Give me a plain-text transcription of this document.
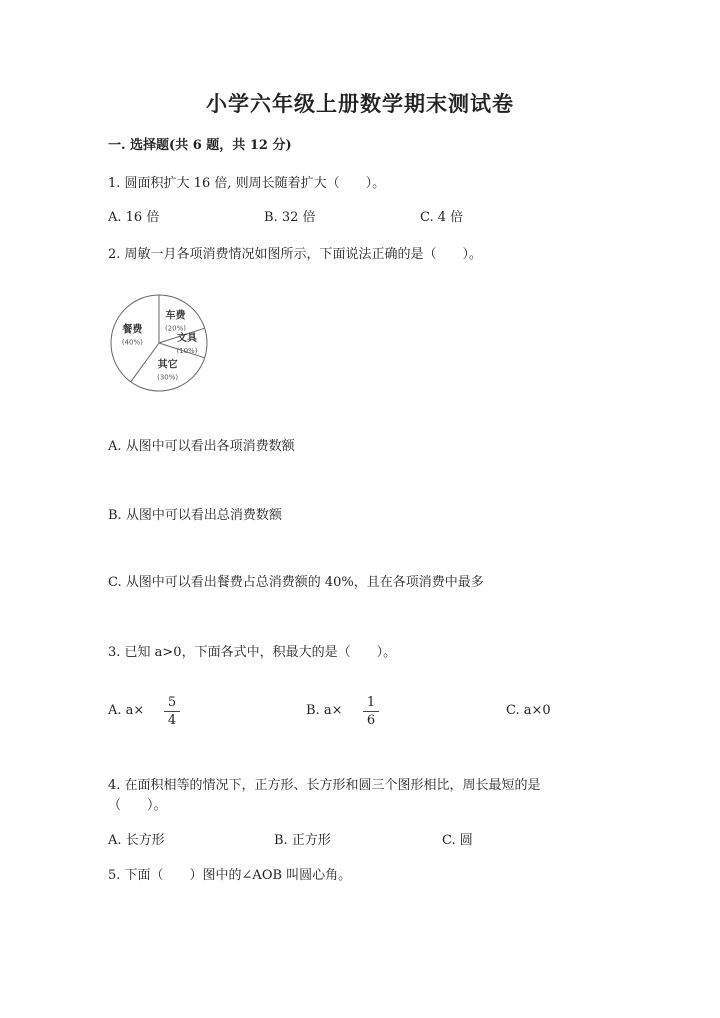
小学六年级上册数学期末测试卷
一. 选择题(共 6 题，共 12 分)
1. 圆面积扩大 16 倍, 则周长随着扩大（　　）。
A. 16 倍	B. 32 倍	C. 4 倍
2. 周敏一月各项消费情况如图所示，下面说法正确的是（　　）。
车费
(20%)
文具
(10%)
其它
(30%)
餐费
(40%)
A. 从图中可以看出各项消费数额
B. 从图中可以看出总消费数额
C. 从图中可以看出餐费占总消费额的 40%，且在各项消费中最多
3. 已知 a>0，下面各式中，积最大的是（　　）。
A. a×
5
4
B. a×
1
6
C. a×0
4. 在面积相等的情况下，正方形、长方形和圆三个图形相比，周长最短的是
（　　）。
A. 长方形	B. 正方形	C. 圆
5. 下面（　　）图中的∠AOB 叫圆心角。
